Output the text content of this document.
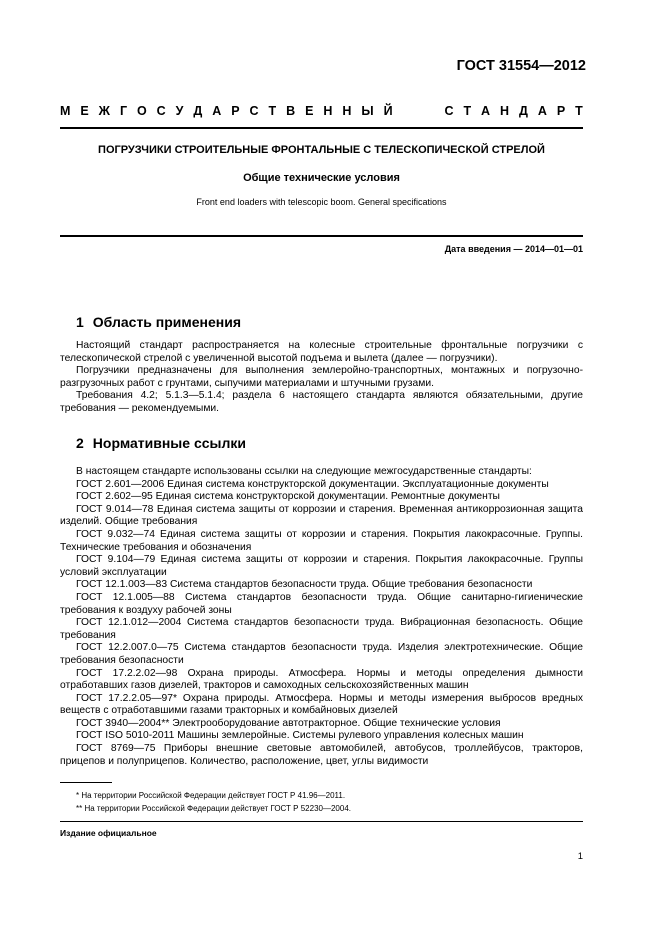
ГОСТ 31554—2012
М Е Ж Г О С У Д А Р С Т В Е Н Н Ы Й	С Т А Н Д А Р Т
ПОГРУЗЧИКИ СТРОИТЕЛЬНЫЕ ФРОНТАЛЬНЫЕ С ТЕЛЕСКОПИЧЕСКОЙ СТРЕЛОЙ
Общие технические условия
Front end loaders with telescopic boom. General specifications
Дата введения — 2014—01—01
1 Область применения

Настоящий стандарт распространяется на колесные строительные фронтальные погрузчики с телескопической стрелой с увеличенной высотой подъема и вылета (далее — погрузчики).

Погрузчики предназначены для выполнения землеройно-транспортных, монтажных и погрузочно-разгрузочных работ с грунтами, сыпучими материалами и штучными грузами.

Требования 4.2; 5.1.3—5.1.4; раздела 6 настоящего стандарта являются обязательными, другие требования — рекомендуемыми.

2 Нормативные ссылки

В настоящем стандарте использованы ссылки на следующие межгосударственные стандарты:

ГОСТ 2.601—2006 Единая система конструкторской документации. Эксплуатационные документы

ГОСТ 2.602—95 Единая система конструкторской документации. Ремонтные документы

ГОСТ 9.014—78 Единая система защиты от коррозии и старения. Временная антикоррозионная защита изделий. Общие требования

ГОСТ 9.032—74 Единая система защиты от коррозии и старения. Покрытия лакокрасочные. Группы. Технические требования и обозначения

ГОСТ 9.104—79 Единая система защиты от коррозии и старения. Покрытия лакокрасочные. Группы условий эксплуатации

ГОСТ 12.1.003—83 Система стандартов безопасности труда. Общие требования безопасности

ГОСТ 12.1.005—88 Система стандартов безопасности труда. Общие санитарно-гигиенические требования к воздуху рабочей зоны

ГОСТ 12.1.012—2004 Система стандартов безопасности труда. Вибрационная безопасность. Общие требования

ГОСТ 12.2.007.0—75 Система стандартов безопасности труда. Изделия электротехнические. Общие требования безопасности

ГОСТ 17.2.2.02—98 Охрана природы. Атмосфера. Нормы и методы определения дымности отработавших газов дизелей, тракторов и самоходных сельскохозяйственных машин

ГОСТ 17.2.2.05—97* Охрана природы. Атмосфера. Нормы и методы измерения выбросов вредных веществ с отработавшими газами тракторных и комбайновых дизелей

ГОСТ 3940—2004** Электрооборудование автотракторное. Общие технические условия

ГОСТ ISO 5010-2011 Машины землеройные. Системы рулевого управления колесных машин

ГОСТ 8769—75 Приборы внешние световые автомобилей, автобусов, троллейбусов, тракторов, прицепов и полуприцепов. Количество, расположение, цвет, углы видимости

* На территории Российской Федерации действует ГОСТ Р 41.96—2011.
** На территории Российской Федерации действует ГОСТ Р 52230—2004.
Издание официальное
1
